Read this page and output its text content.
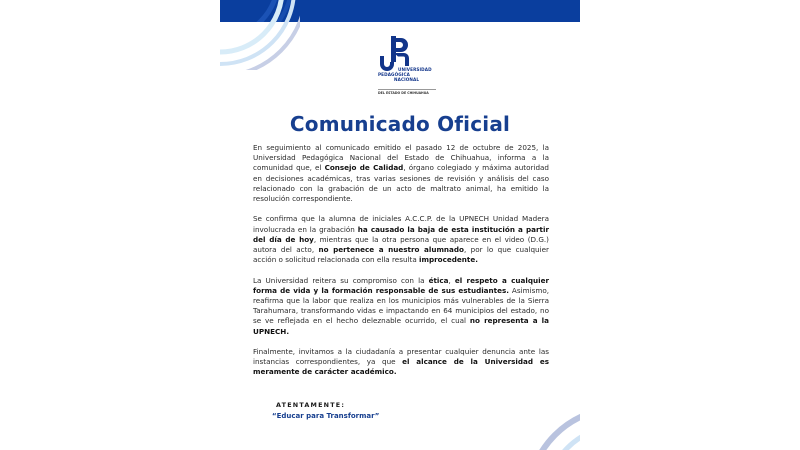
UNIVERSIDAD
PEDAGÓGICA
NACIONAL
DEL ESTADO DE CHIHUAHUA
Comunicado Oficial

En seguimiento al comunicado emitido el pasado 12 de octubre de 2025, la Universidad Pedagógica Nacional del Estado de Chihuahua, informa a la comunidad que, el Consejo de Calidad, órgano colegiado y máxima autoridad en decisiones académicas, tras varias sesiones de revisión y análisis del caso relacionado con la grabación de un acto de maltrato animal, ha emitido la resolución correspondiente.

Se confirma que la alumna de iniciales A.C.C.P. de la UPNECH Unidad Madera involucrada en la grabación ha causado la baja de esta institución a partir del día de hoy, mientras que la otra persona que aparece en el video (D.G.) autora del acto, no pertenece a nuestro alumnado, por lo que cualquier acción o solicitud relacionada con ella resulta improcedente.

La Universidad reitera su compromiso con la ética, el respeto a cualquier forma de vida y la formación responsable de sus estudiantes. Asimismo, reafirma que la labor que realiza en los municipios más vulnerables de la Sierra Tarahumara, transformando vidas e impactando en 64 municipios del estado, no se ve reflejada en el hecho deleznable ocurrido, el cual no representa a la UPNECH.

Finalmente, invitamos a la ciudadanía a presentar cualquier denuncia ante las instancias correspondientes, ya que el alcance de la Universidad es meramente de carácter académico.

ATENTAMENTE:
“Educar para Transformar”
